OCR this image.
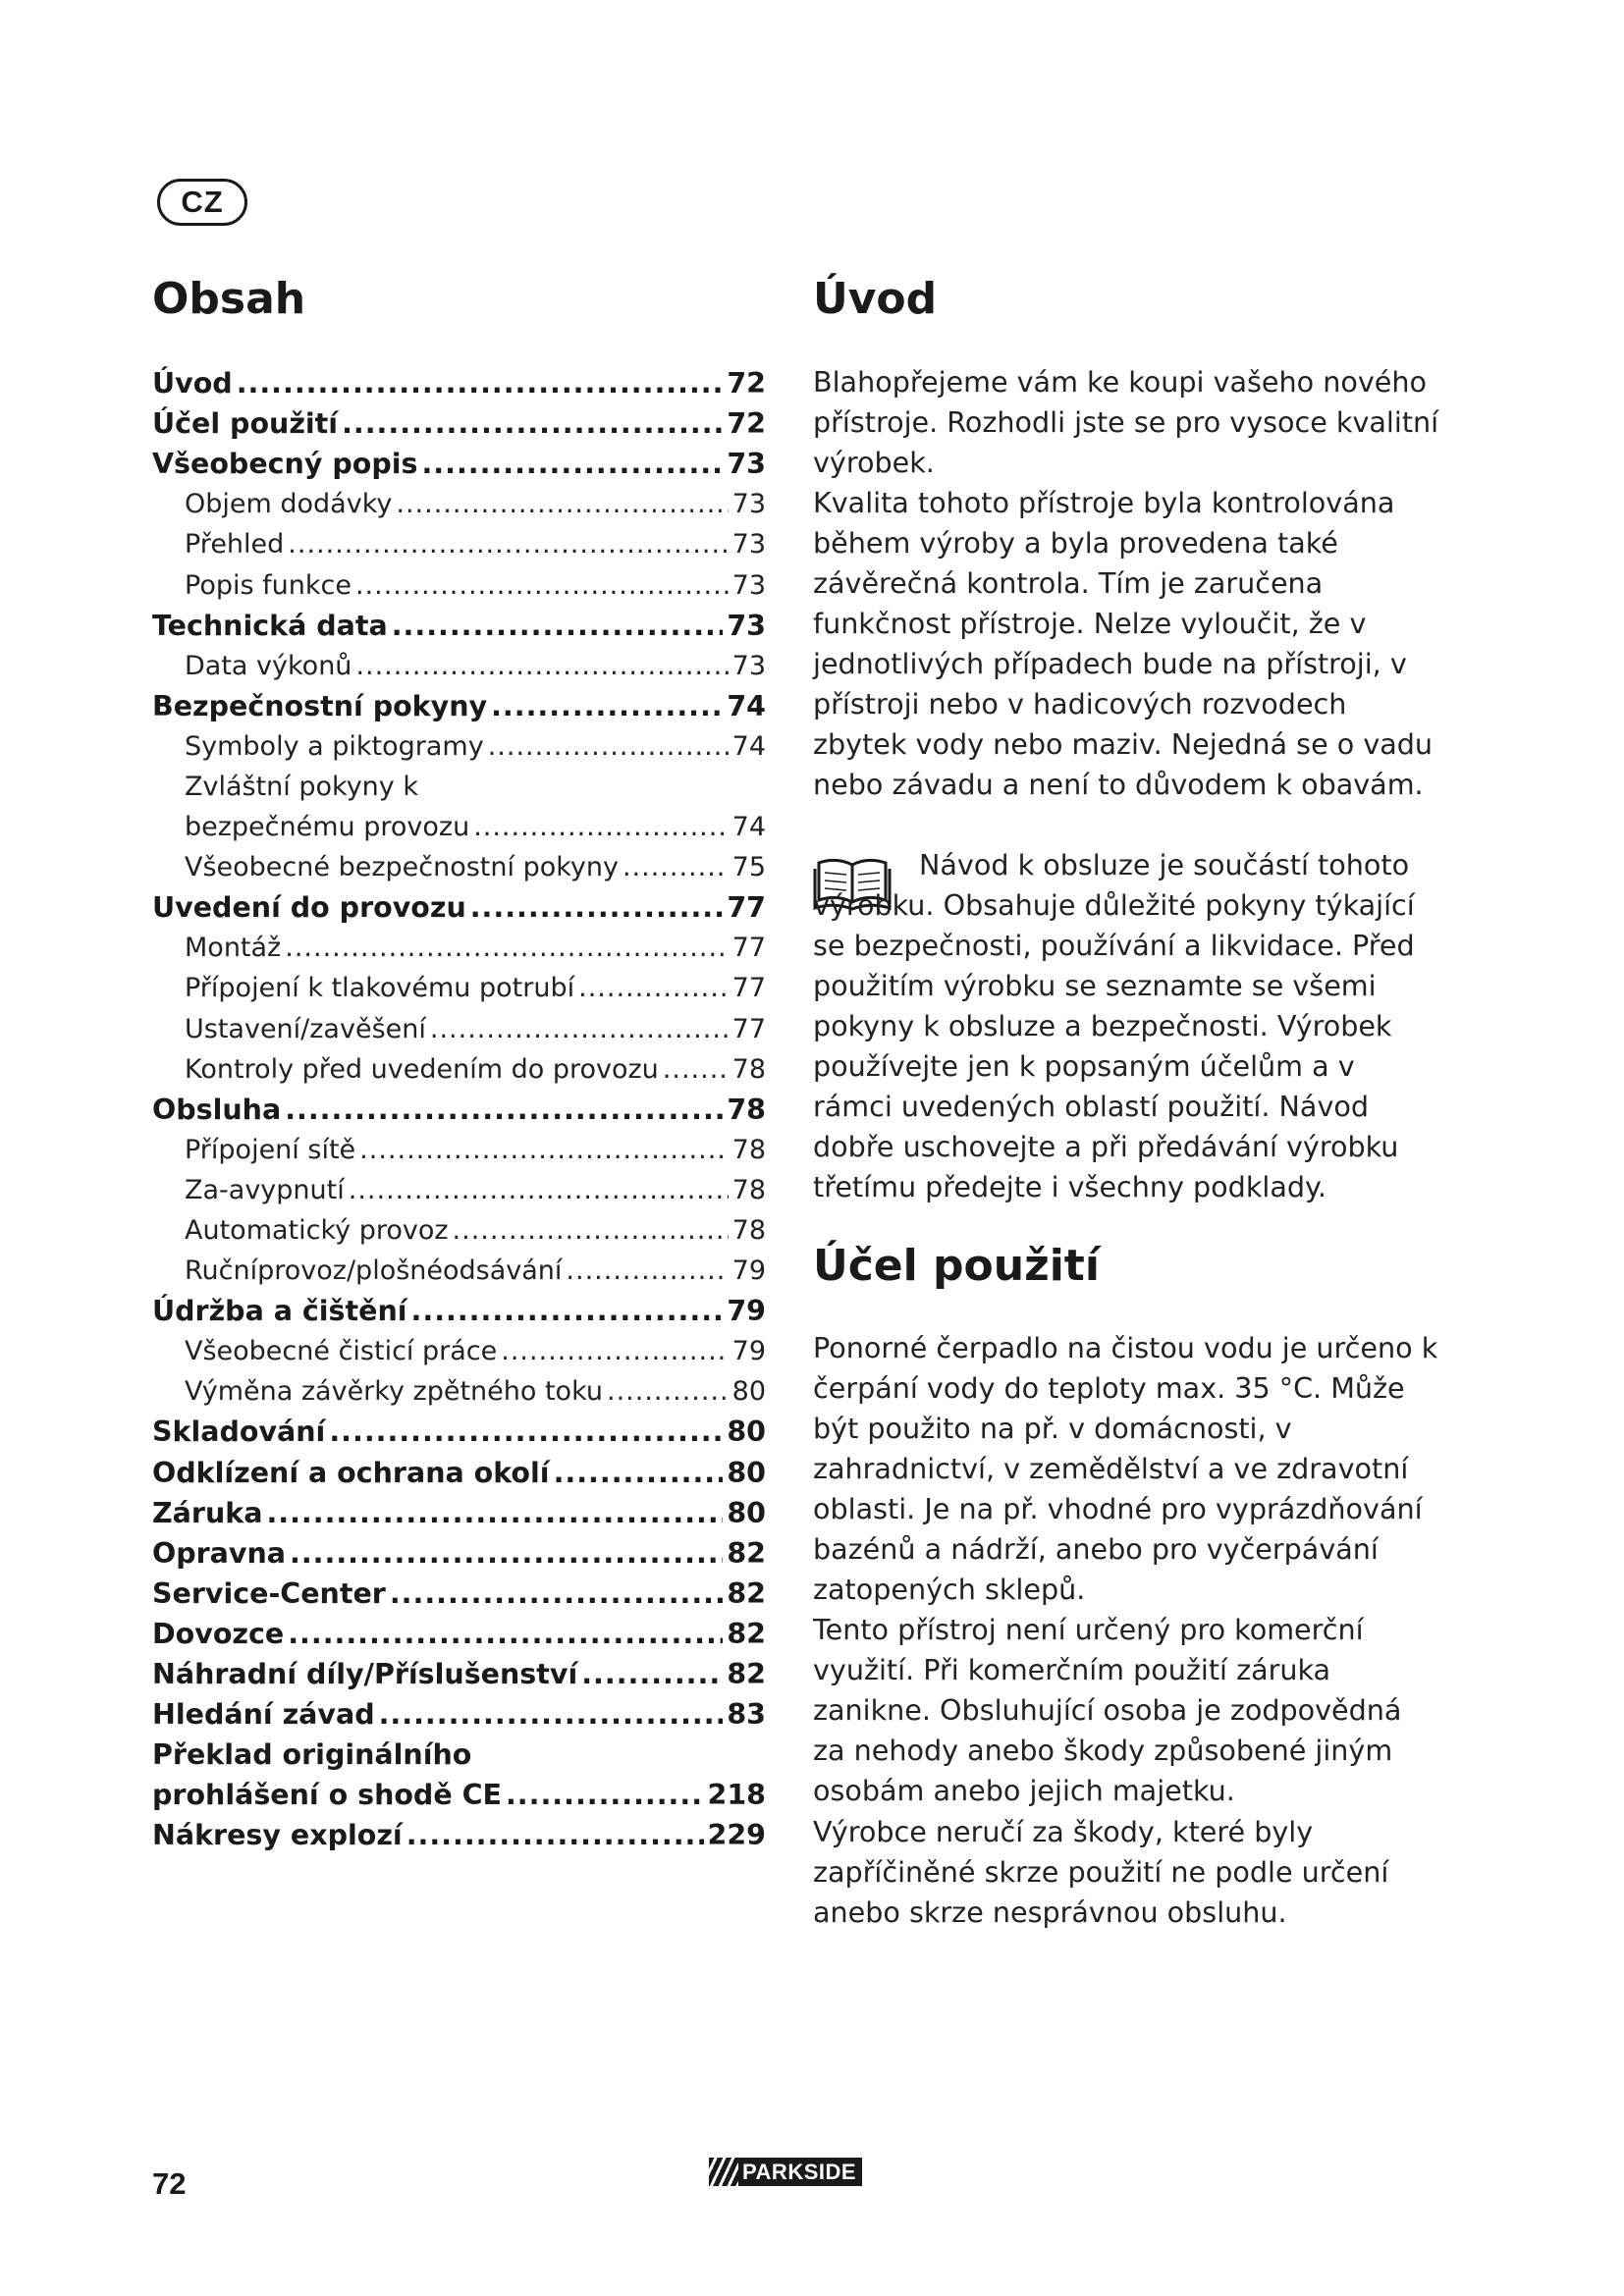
CZ
Obsah
Úvod .....	72
Účel použití .....	72
Všeobecný popis .....	73
Objem dodávky .....	73
Přehled .....	73
Popis funkce .....	73
Technická data .....	73
Data výkonů .....	73
Bezpečnostní pokyny .....	74
Symboly a piktogramy .....	74
Zvláštní pokyny k
bezpečnému provozu .....	74
Všeobecné bezpečnostní pokyny .....	75
Uvedení do provozu .....	77
Montáž .....	77
Přípojení k tlakovému potrubí .....	77
Ustavení/zavěšení .....	77
Kontroly před uvedením do provozu .....	78
Obsluha .....	78
Přípojení sítě .....	78
Za-avypnutí .....	78
Automatický provoz .....	78
Ručníprovoz/plošnéodsávání .....	79
Údržba a čištění .....	79
Všeobecné čisticí práce .....	79
Výměna závěrky zpětného toku .....	80
Skladování .....	80
Odklízení a ochrana okolí .....	80
Záruka .....	80
Opravna .....	82
Service-Center .....	82
Dovozce .....	82
Náhradní díly/Příslušenství .....	82
Hledání závad .....	83
Překlad originálního
prohlášení o shodě CE .....	218
Nákresy explozí .....	229
Úvod

Blahopřejeme vám ke koupi vašeho nového přístroje. Rozhodli jste se pro vysoce kvalitní výrobek.

Kvalita tohoto přístroje byla kontrolována během výroby a byla provedena také závěrečná kontrola. Tím je zaručena funkčnost přístroje. Nelze vyloučit, že v jednotlivých případech bude na přístroji, v přístroji nebo v hadicových rozvodech zbytek vody nebo maziv. Nejedná se o vadu nebo závadu a není to důvodem k obavám.

Návod k obsluze je součástí tohoto výrobku. Obsahuje důležité pokyny týkající se bezpečnosti, používání a likvidace. Před použitím výrobku se seznamte se všemi pokyny k obsluze a bezpečnosti. Výrobek používejte jen k popsaným účelům a v rámci uvedených oblastí použití. Návod dobře uschovejte a při předávání výrobku třetímu předejte i všechny podklady.

Účel použití

Ponorné čerpadlo na čistou vodu je určeno k čerpání vody do teploty max. 35 °C. Může být použito na př. v domácnosti, v zahradnictví, v zemědělství a ve zdravotní oblasti. Je na př. vhodné pro vyprázdňování bazénů a nádrží, anebo pro vyčerpávání zatopených sklepů.

Tento přístroj není určený pro komerční využití. Při komerčním použití záruka zanikne. Obsluhující osoba je zodpovědná za nehody anebo škody způsobené jiným osobám anebo jejich majetku.

Výrobce neručí za škody, které byly zapříčiněné skrze použití ne podle určení anebo skrze nesprávnou obsluhu.

72	PARKSIDE
